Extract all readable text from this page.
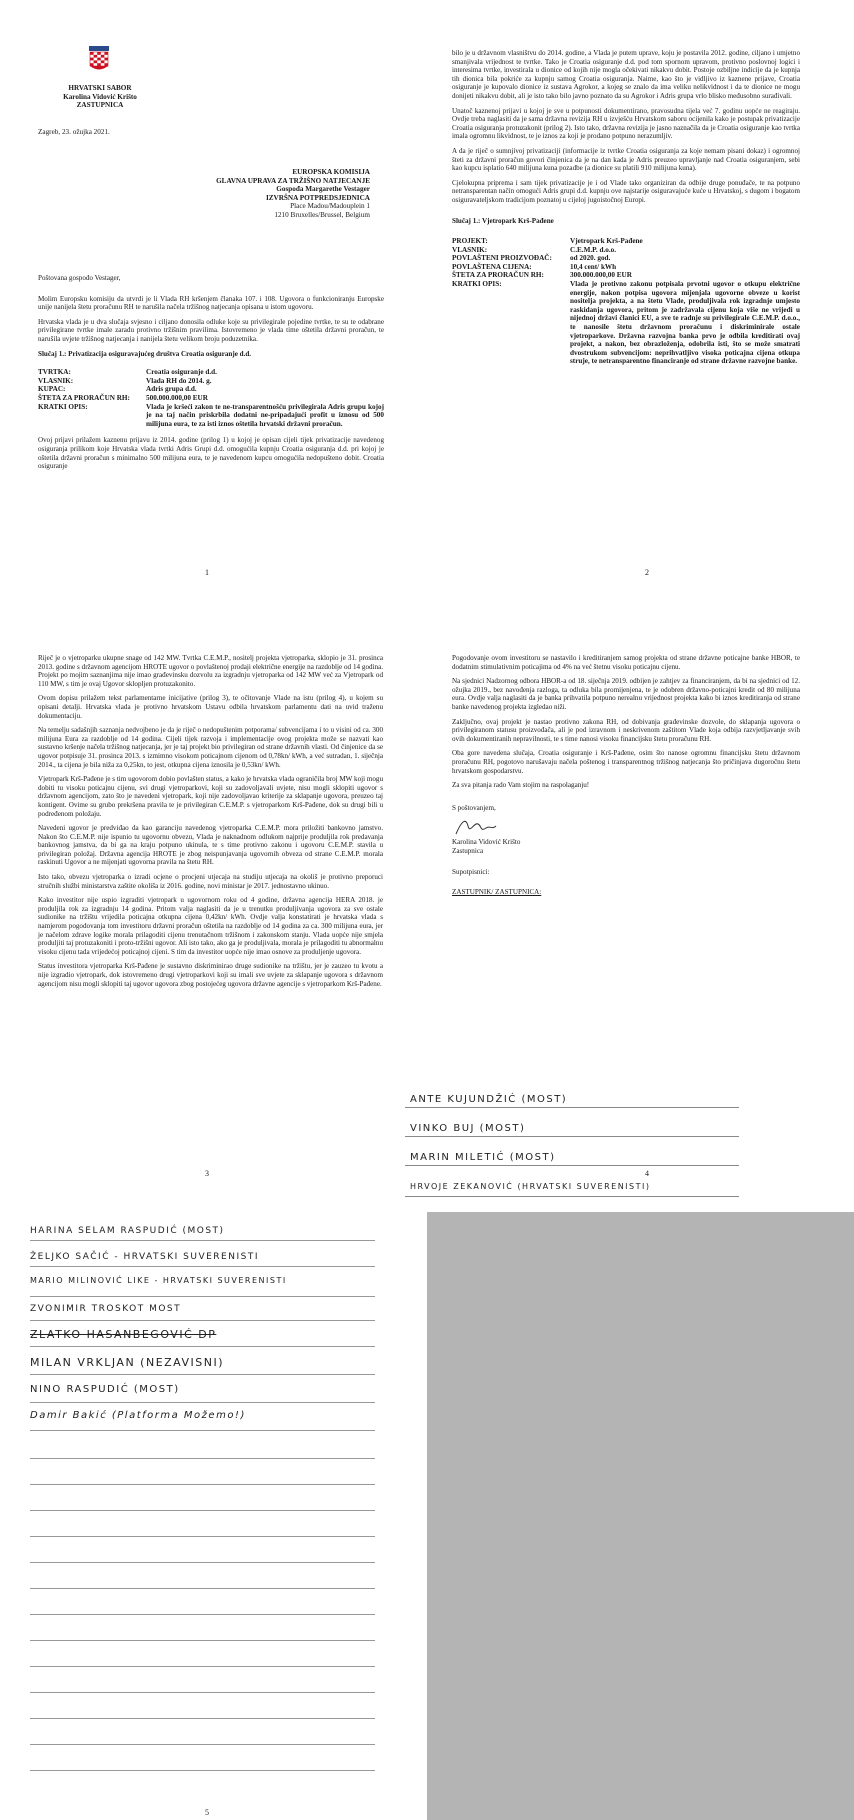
HRVATSKI SABOR
Karolina Vidović Krišto
ZASTUPNICA
Zagreb, 23. ožujka 2021.
EUROPSKA KOMISIJA
GLAVNA UPRAVA ZA TRŽIŠNO NATJECANJE
Gospođa Margarethe Vestager
IZVRŠNA POTPREDSJEDNICA
Place Madou/Madouplein 1
1210 Bruxelles/Brussel, Belgium

Poštovana gospođo Vestager,

Molim Europsku komisiju da utvrdi je li Vlada RH kršenjem članaka 107. i 108. Ugovora o funkcioniranju Europske unije nanijela štetu proračunu RH te narušila načela tržišnog natjecanja opisana u istom ugovoru.

Hrvatska vlada je u dva slučaja svjesno i ciljano donosila odluke koje su privilegirale pojedine tvrtke, te su te odabrane privilegirane tvrtke imale zaradu protivno tržišnim pravilima. Istovremeno je vlada time oštetila državni proračun, te narušila uvjete tržišnog natjecanja i nanijela štetu velikom broju poduzetnika.

Slučaj 1.: Privatizacija osiguravajućeg društva Croatia osiguranje d.d.

TVRTKA:	Croatia osiguranje d.d.
VLASNIK:	Vlada RH do 2014. g.
KUPAC:	Adris grupa d.d.
ŠTETA ZA PRORAČUN RH:	500.000.000,00 EUR
KRATKI OPIS:	Vlada je kršeći zakon te ne-transparentnošću privilegirala Adris grupu kojoj je na taj način priskrbila dodatni ne-pripadajući profit u iznosu od 500 milijuna eura, te za isti iznos oštetila hrvatski državni proračun.

Ovoj prijavi prilažem kaznenu prijavu iz 2014. godine (prilog 1) u kojoj je opisan cijeli tijek privatizacije navedenog osiguranja prilikom koje Hrvatska vlada tvrtki Adris Grupi d.d. omogućila kupnju Croatia osiguranja d.d. pri kojoj je oštetila državni proračun s minimalno 500 milijuna eura, te je navedenom kupcu omogućila nedopušteno dobit. Croatia osiguranje

1

bilo je u državnom vlasništvu do 2014. godine, a Vlada je putem uprave, koju je postavila 2012. godine, ciljano i umjetno smanjivala vrijednost te tvrtke. Tako je Croatia osiguranje d.d. pod tom spornom upravom, protivno poslovnoj logici i interesima tvrtke, investirala u dionice od kojih nije mogla očekivati nikakvu dobit. Postoje ozbiljne indicije da je kupnja tih dionica bila pokriće za kupnju samog Croatia osiguranja. Naime, kao što je vidljivo iz kaznene prijave, Croatia osiguranje je kupovalo dionice iz sustava Agrokor, a kojeg se znalo da ima veliku nelikvidnost i da te dionice ne mogu donijeti nikakvu dobit, ali je isto tako bilo javno poznato da su Agrokor i Adris grupa vrlo blisko međusobno surađivali.

Unatoč kaznenoj prijavi u kojoj je sve u potpunosti dokumentirano, pravosudna tijela već 7. godinu uopće ne reagiraju. Ovdje treba naglasiti da je sama državna revizija RH u izvješću Hrvatskom saboru ocijenila kako je postupak privatizacije Croatia osiguranja protuzakonit (prilog 2). Isto tako, državna revizija je jasno naznačila da je Croatia osiguranje kao tvrtka imala ogromnu likvidnost, te je iznos za koji je prodano potpuno nerazumljiv.

A da je riječ o sumnjivoj privatizaciji (informacije iz tvrtke Croatia osiguranja za koje nemam pisani dokaz) i ogromnoj šteti za državni proračun govori činjenica da je na dan kada je Adris preuzeo upravljanje nad Croatia osiguranjem, sebi kao kupcu isplatio 640 milijuna kuna pozadbe (a dionice su platili 910 milijuna kuna).

Cjelokupna priprema i sam tijek privatizacije je i od Vlade tako organiziran da odbije druge ponuđače, te na potpuno netransparentan način omogući Adris grupi d.d. kupnju ove najstarije osiguravajuće kuće u Hrvatskoj, s dugom i bogatom osiguravateljskom tradicijom poznatoj u cijeloj jugoistočnoj Europi.

Slučaj 1.: Vjetropark Krš-Pađene

PROJEKT:	Vjetropark Krš-Pađene
VLASNIK:	C.E.M.P. d.o.o.
POVLAŠTENI PROIZVOĐAČ:	od 2020. god.
POVLAŠTENA CIJENA:	10,4 cent/ kWh
ŠTETA ZA PRORAČUN RH:	300.000.000,00 EUR
KRATKI OPIS:	Vlada je protivno zakonu potpisala prvotni ugovor o otkupu električne energije, nakon potpisa ugovora mijenjala ugovorne obveze u korist nositelja projekta, a na štetu Vlade, produljivala rok izgradnje umjesto raskidanja ugovora, pritom je zadržavala cijenu koja više ne vrijedi u nijednoj državi članici EU, a sve te radnje su privilegirale C.E.M.P. d.o.o., te nanosile štetu državnom proračunu i diskriminirale ostale vjetroparkove. Državna razvojna banka prvo je odbila kreditirati ovaj projekt, a nakon, bez obrazloženja, odobrila isti, što se može smatrati dvostrukom subvencijom: neprihvatljivo visoka poticajna cijena otkupa struje, te netransparentno financiranje od strane državne razvojne banke.
2

Riječ je o vjetroparku ukupne snage od 142 MW. Tvrtka C.E.M.P., nositelj projekta vjetroparka, sklopio je 31. prosinca 2013. godine s državnom agencijom HROTE ugovor o povlaštenoj prodaji električne energije na razdoblje od 14 godina. Projekt po mojim saznanjima nije imao građevinsku dozvolu za izgradnju vjetroparka od 142 MW već za Vjetropark od 110 MW, s tim je ovaj Ugovor sklopljen protuzakonito.

Ovom dopisu prilažem tekst parlamentarne inicijative (prilog 3), te očitovanje Vlade na istu (prilog 4), u kojem su opisani detalji. Hrvatska vlada je protivno hrvatskom Ustavu odbila hrvatskom parlamentu dati na uvid traženu dokumentaciju.

Na temelju sadašnjih saznanja nedvojbeno je da je riječ o nedopuštenim potporama/ subvencijama i to u visini od ca. 300 milijuna Eura za razdoblje od 14 godina. Cijeli tijek razvoja i implementacije ovog projekta može se nazvati kao sustavno kršenje načela tržišnog natjecanja, jer je taj projekt bio privilegiran od strane državnih vlasti. Od činjenice da se ugovor potpisuje 31. prosinca 2013. s izmimno visokom poticajnom cijenom od 0,78kn/ kWh, a već sutradan, 1. siječnja 2014., ta cijena je bila niža za 0,25kn, to jest, otkupna cijena iznosila je 0,53kn/ kWh.

Vjetropark Krš-Pađene je s tim ugovorom dobio povlašten status, a kako je hrvatska vlada ograničila broj MW koji mogu dobiti tu visoku poticajnu cijenu, svi drugi vjetroparkovi, koji su zadovoljavali uvjete, nisu mogli sklopiti ugovor s državnom agencijom, zato što je navedeni vjetropark, koji nije zadovoljavao kriterije za sklapanje ugovora, preuzeo taj kontigent. Ovime su grubo prekršena pravila te je privilegiran C.E.M.P. s vjetroparkom Krš-Pađene, dok su drugi bili u podređenom položaju.

Navedeni ugovor je predviđao da kao garanciju navedenog vjetroparka C.E.M.P. mora priložiti bankovno jamstvo. Nakon što C.E.M.P. nije ispunio tu ugovornu obvezu, Vlada je naknadnom odlukom najprije produljila rok predavanja bankovnog jamstva, da bi ga na kraju potpuno ukinula, te s time protivno zakonu i ugovoru C.E.M.P. stavila u privilegiran položaj. Državna agencija HROTE je zbog neispunjavanja ugovornih obveza od strane C.E.M.P. morala raskinuti Ugovor a ne mijenjati ugovorna pravila na štetu RH.

Isto tako, obvezu vjetroparka o izradi ocjene o procjeni utjecaja na studiju utjecaja na okoliš je protivno preporuci stručnih službi ministarstva zaštite okoliša iz 2016. godine, novi ministar je 2017. jednostavno ukinuo.

Kako investitor nije uspio izgraditi vjetropark u ugovornom roku od 4 godine, državna agencija HERA 2018. je produljila rok za izgradnju 14 godina. Pritom valja naglasiti da je u trenutku produljivanja ugovora za sve ostale sudionike na tržištu vrijedila poticajna otkupna cijena 0,42kn/ kWh. Ovdje valja konstatirati je hrvatska vlada s namjerom pogodovanja tom investitoru državni proračun oštetila na razdoblje od 14 godina za ca. 300 milijuna eura, jer je načelom zdrave logike morala prilagoditi cijenu trenutačnom tržišnom i zakonskom stanju. Vlada uopće nije smjela produljiti taj protuzakoniti i proto-tržišni ugovor. Ali isto tako, ako ga je produljivala, morala je prilagoditi tu abnormalnu visoku cijenu tada vrijedećoj poticajnoj cijeni. S tim da investitor uopće nije imao osnove za produljenje ugovora.

Status investitora vjetroparka Krš-Pađene je sustavno diskriminirao druge sudionike na tržištu, jer je zauzeo tu kvotu a nije izgradio vjetropark, dok istovremeno drugi vjetroparkovi koji su imali sve uvjete za sklapanje ugovora s državnom agencijom nisu mogli sklopiti taj ugovor ugovora zbog postojećeg ugovora državne agencije s vjetroparkom Krš-Pađene.

3

Pogodovanje ovom investitoru se nastavilo i kreditiranjem samog projekta od strane državne poticajne banke HBOR, te dodatnim stimulativnim poticajima od 4% na već štetnu visoku poticajnu cijenu.

Na sjednici Nadzornog odbora HBOR-a od 18. siječnja 2019. odbijen je zahtjev za financiranjem, da bi na sjednici od 12. ožujka 2019., bez navođenja razloga, ta odluka bila promijenjena, te je odobren državno-poticajni kredit od 80 milijuna eura. Ovdje valja naglasiti da je banka prihvatila potpuno nerealnu vrijednost projekta kako bi iznos kreditiranja od strane banke navedenog projekta izgledao niži.

Zaključno, ovaj projekt je nastao protivno zakona RH, od dobivanja građevinske dozvole, do sklapanja ugovora o privilegiranom statusu proizvođača, ali je pod izravnom i neskrivenom zaštitom Vlade koja odbija razvjetljavanje svih ovih dokumentiranih nepravilnosti, te s time nanosi visoku financijsku štetu proračunu RH.

Oba gore navedena slučaja, Croatia osiguranje i Krš-Pađene, osim što nanose ogromnu financijsku štetu državnom proračunu RH, pogotovo narušavaju načela poštenog i transparentnog tržišnog natjecanja što pričinjava dugoročnu štetu hrvatskom gospodarstvu.

Za sva pitanja rado Vam stojim na raspolaganju!

S poštovanjem,

Karolina Vidović Krišto
Zastupnica
Supotpisnici:
ZASTUPNIK/ ZASTUPNICA:
4
ANTE KUJUNDŽIĆ (MOST)
VINKO BUJ (MOST)
MARIN MILETIĆ (MOST)
HRVOJE ZEKANOVIĆ (HRVATSKI SUVERENISTI)
HARINA SELAM RASPUDIĆ (MOST)
ŽELJKO SAČIĆ - HRVATSKI SUVERENISTI
MARIO MILINOVIĆ LIKE - HRVATSKI SUVERENISTI
ZVONIMIR TROSKOT MOST
ZLATKO HASANBEGOVIĆ DP
MILAN VRKLJAN (NEZAVISNI)
NINO RASPUDIĆ (MOST)
Damir Bakić (Platforma Možemo!)
5
